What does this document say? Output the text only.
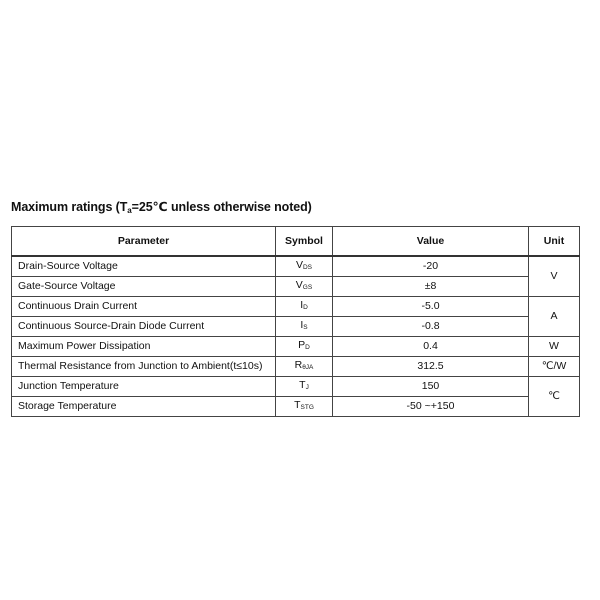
Maximum ratings ($T_a=25℃$ unless otherwise noted)
Parameter	Symbol	Value	Unit
Drain-Source Voltage	VDS	-20	V
Gate-Source Voltage	VGS	±8	
Continuous Drain Current	ID	-5.0	A
Continuous Source-Drain Diode Current	IS	-0.8	
Maximum Power Dissipation	PD	0.4	W
Thermal Resistance from Junction to Ambient(t≤10s)	RθJA	312.5	℃/W
Junction Temperature	TJ	150	℃
Storage Temperature	TSTG	-50 ~+150	
